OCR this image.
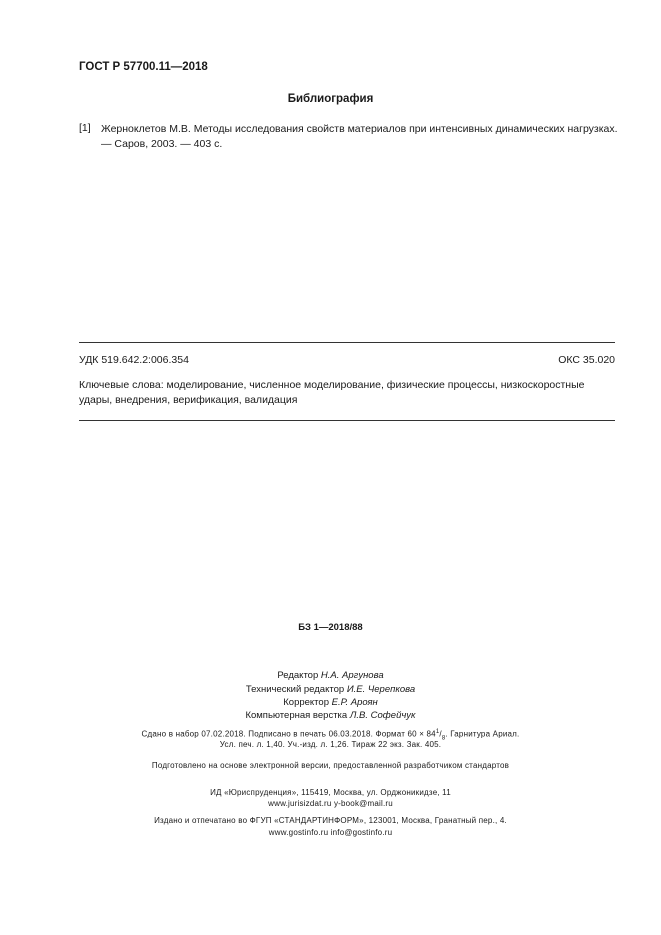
ГОСТ Р 57700.11—2018
Библиография
[1] Жерноклетов М.В. Методы исследования свойств материалов при интенсивных динамических нагрузках. — Саров, 2003. — 403 с.
УДК 519.642.2:006.354	ОКС 35.020
Ключевые слова: моделирование, численное моделирование, физические процессы, низкоскоростные удары, внедрения, верификация, валидация
БЗ 1—2018/88
Редактор Н.А. Аргунова
Технический редактор И.Е. Черепкова
Корректор Е.Р. Ароян
Компьютерная верстка Л.В. Софейчук
Сдано в набор 07.02.2018. Подписано в печать 06.03.2018. Формат $60 \times 84^1/_8$. Гарнитура Ариал.
Усл. печ. л. 1,40. Уч.-изд. л. 1,26. Тираж 22 экз. Зак. 405.
Подготовлено на основе электронной версии, предоставленной разработчиком стандартов
ИД «Юриспруденция», 115419, Москва, ул. Орджоникидзе, 11
www.jurisizdat.ru y-book@mail.ru
Издано и отпечатано во ФГУП «СТАНДАРТИНФОРМ», 123001, Москва, Гранатный пер., 4.
www.gostinfo.ru info@gostinfo.ru
